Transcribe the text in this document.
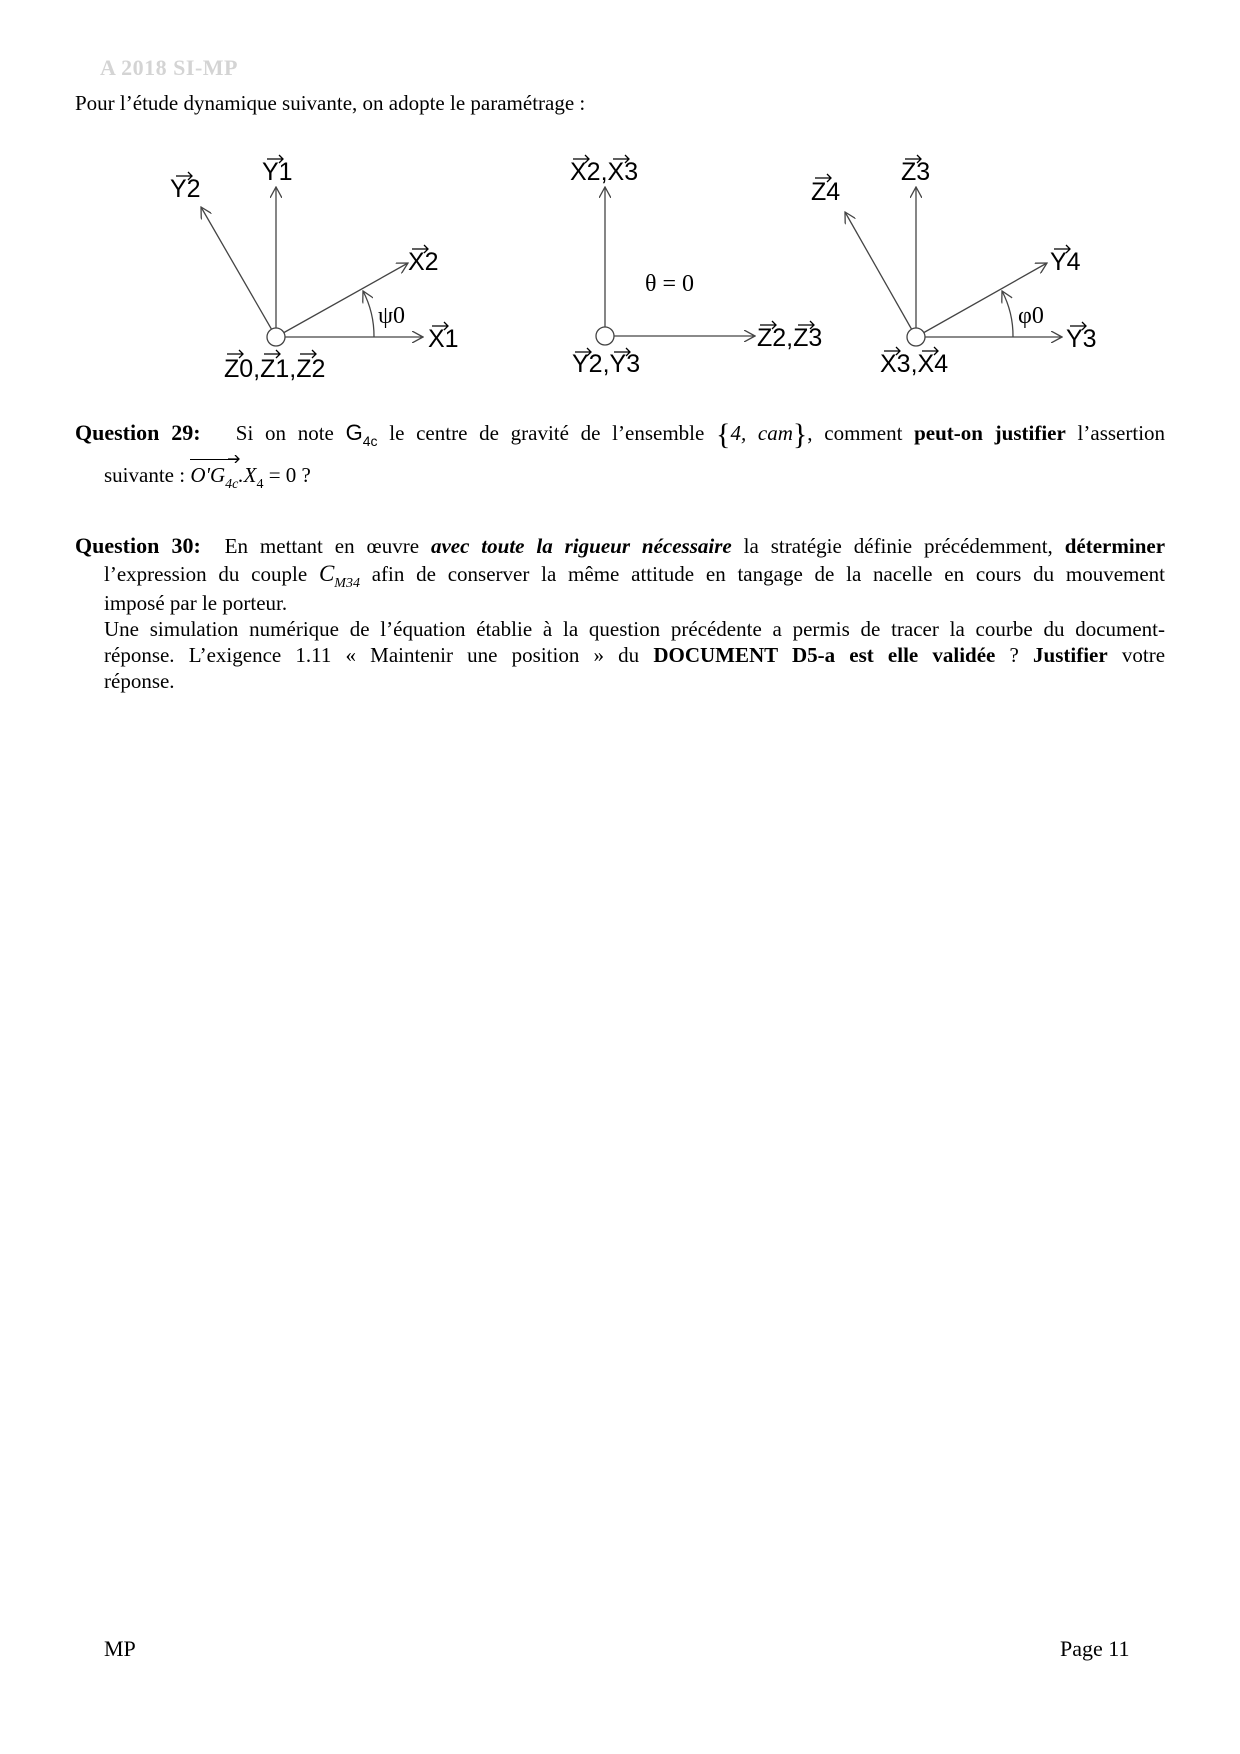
A 2018 SI-MP
Pour l’étude dynamique suivante, on adopte le paramétrage :
Y2
Y1
X2
X1
ψ0
Z0,Z1,Z2
X2,X3
Z2,Z3
Y2,Y3
θ = 0
Z4
Z3
Y4
Y3
φ0
X3,X4
Question 29: Si on note $G_{4c}$ le centre de gravité de l’ensemble {4, cam}, comment peut-on justifier l’assertion
suivante : $O'G_{4c}.X_4 = 0$ ?
Question 30: En mettant en œuvre avec toute la rigueur nécessaire la stratégie définie précédemment, déterminer
l’expression du couple $C_{M34}$ afin de conserver la même attitude en tangage de la nacelle en cours du mouvement
imposé par le porteur.
Une simulation numérique de l’équation établie à la question précédente a permis de tracer la courbe du document-
réponse. L’exigence 1.11 « Maintenir une position » du DOCUMENT D5-a est elle validée ? Justifier votre
réponse.
MP	Page 11
